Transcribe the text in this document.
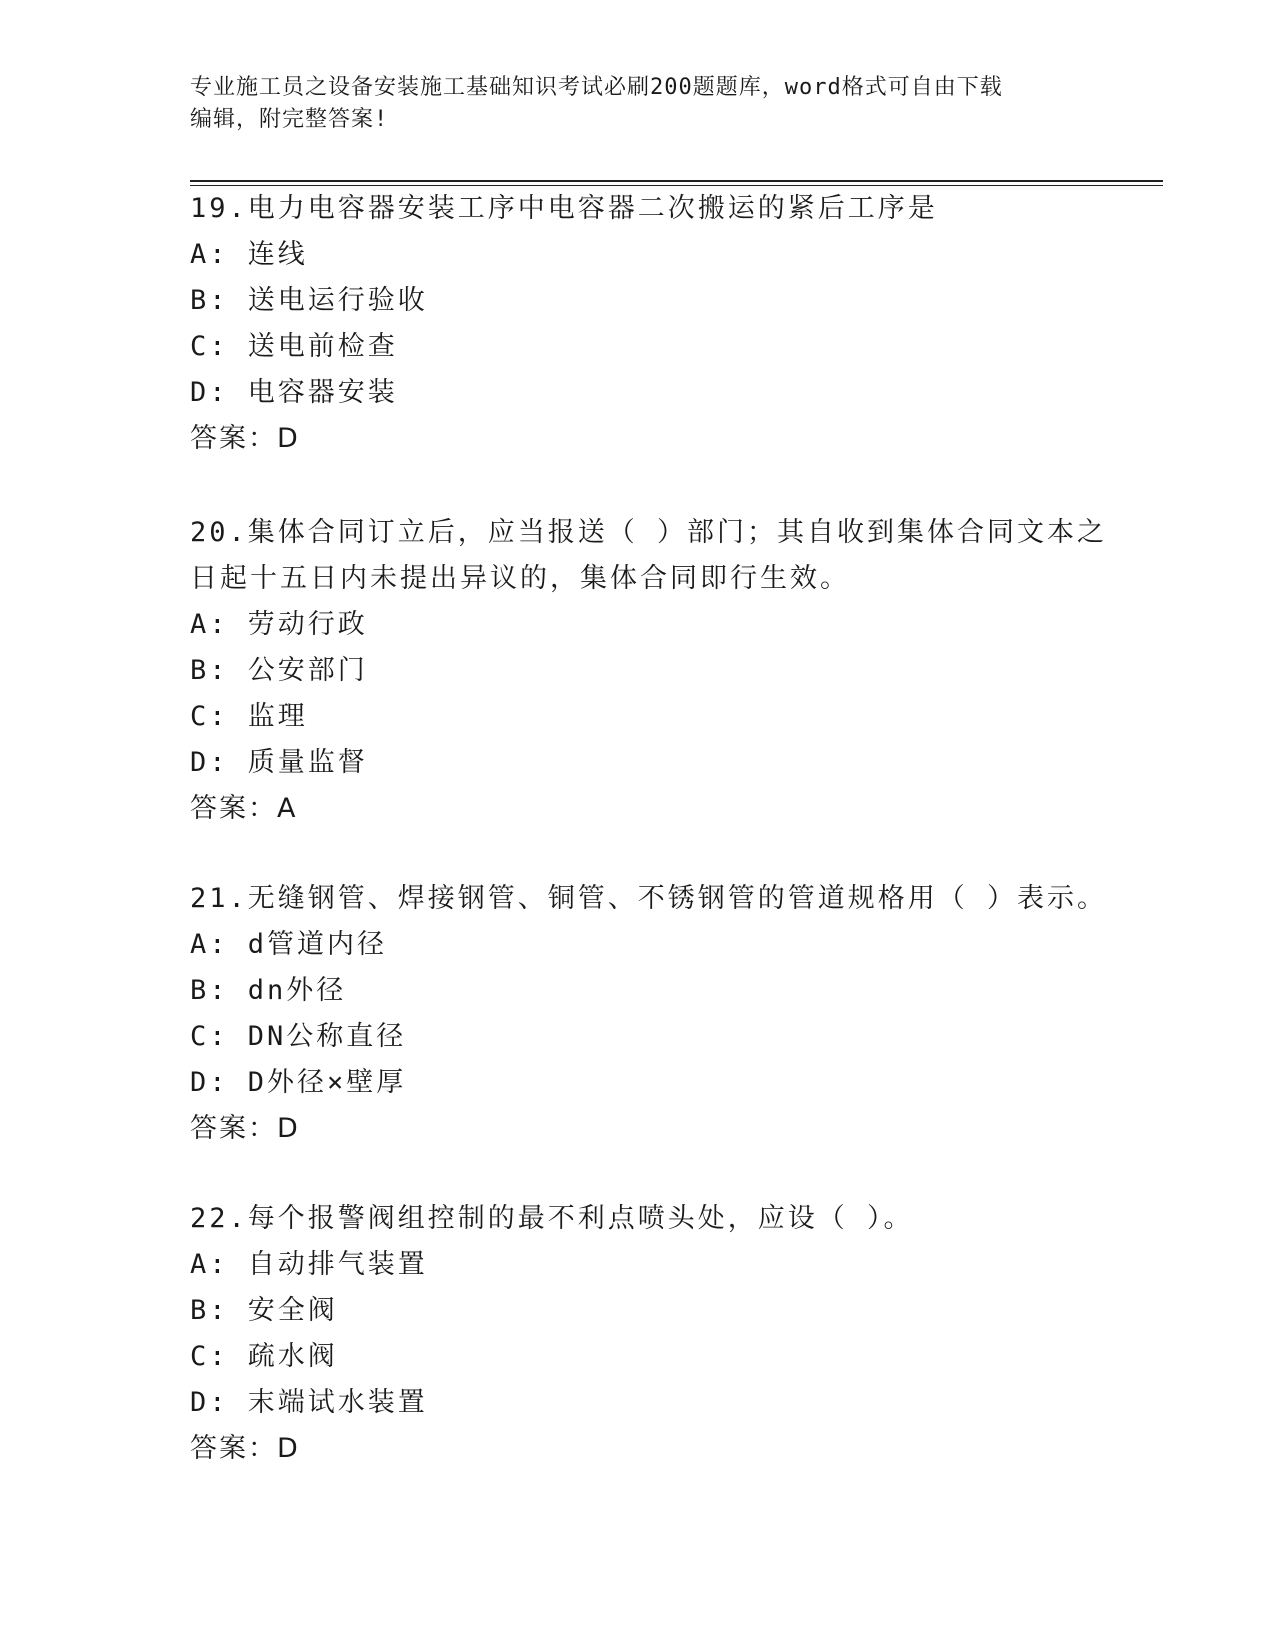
专业施工员之设备安装施工基础知识考试必刷200题题库，word格式可自由下载
编辑，附完整答案!
19.电力电容器安装工序中电容器二次搬运的紧后工序是
A: 连线
B: 送电运行验收
C: 送电前检查
D: 电容器安装
答案：D
20.集体合同订立后，应当报送（ ）部门；其自收到集体合同文本之
日起十五日内未提出异议的，集体合同即行生效。
A: 劳动行政
B: 公安部门
C: 监理
D: 质量监督
答案：A
21.无缝钢管、焊接钢管、铜管、不锈钢管的管道规格用（ ）表示。
A: d管道内径
B: dn外径
C: DN公称直径
D: D外径×壁厚
答案：D
22.每个报警阀组控制的最不利点喷头处，应设（ ）。
A: 自动排气装置
B: 安全阀
C: 疏水阀
D: 末端试水装置
答案：D
